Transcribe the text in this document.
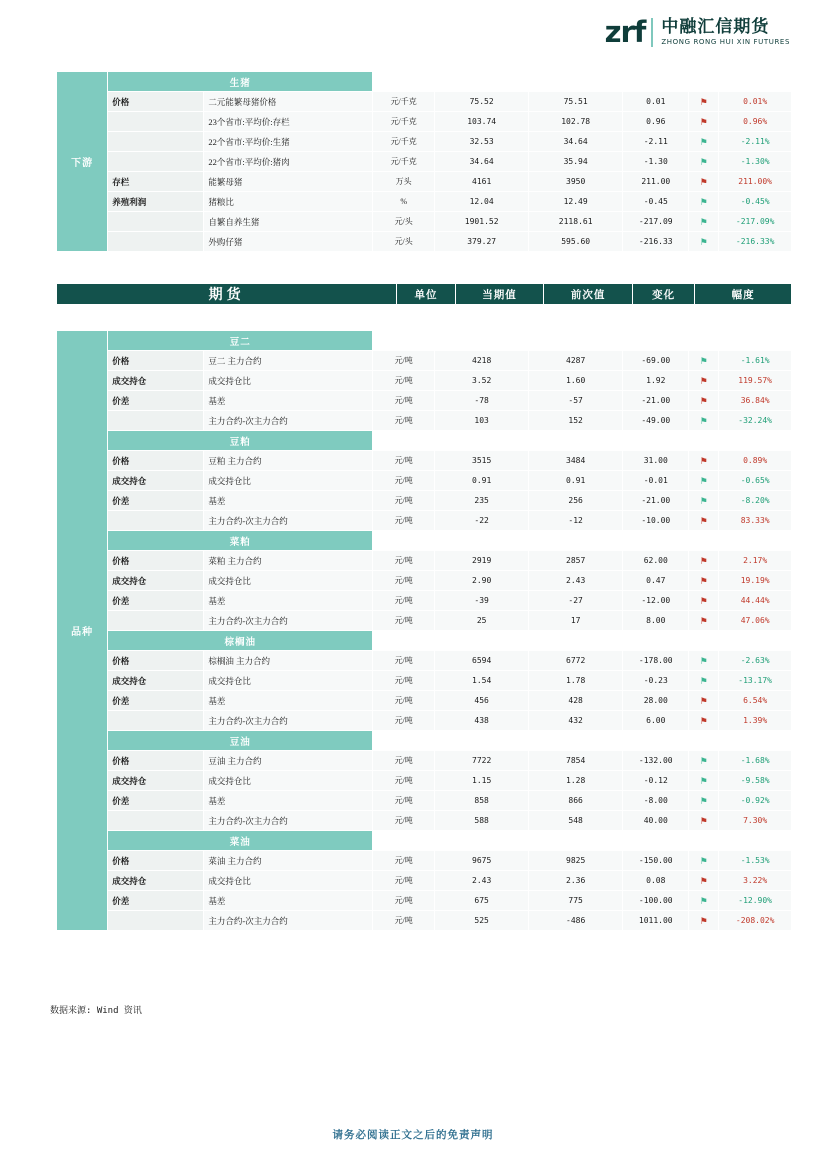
zrf 中融汇信期货
ZHONG RONG HUI XIN FUTURES
下游	生猪							
	价格	二元能繁母猪价格	元/千克	75.52	75.51	0.01	⚑	0.01%
		23个省市:平均价:存栏	元/千克	103.74	102.78	0.96	⚑	0.96%
		22个省市:平均价:生猪	元/千克	32.53	34.64	-2.11	⚑	-2.11%
		22个省市:平均价:猪肉	元/千克	34.64	35.94	-1.30	⚑	-1.30%
	存栏	能繁母猪	万头	4161	3950	211.00	⚑	211.00%
	养殖利润	猪粮比	%	12.04	12.49	-0.45	⚑	-0.45%
		自繁自养生猪	元/头	1901.52	2118.61	-217.09	⚑	-217.09%
		外购仔猪	元/头	379.27	595.60	-216.33	⚑	-216.33%
期货	单位	当期值	前次值	变化	幅度
品种	豆二							
	价格	豆二 主力合约	元/吨	4218	4287	-69.00	⚑	-1.61%
	成交持仓	成交持仓比	元/吨	3.52	1.60	1.92	⚑	119.57%
	价差	基差	元/吨	-78	-57	-21.00	⚑	36.84%
		主力合约-次主力合约	元/吨	103	152	-49.00	⚑	-32.24%
	豆粕							
	价格	豆粕 主力合约	元/吨	3515	3484	31.00	⚑	0.89%
	成交持仓	成交持仓比	元/吨	0.91	0.91	-0.01	⚑	-0.65%
	价差	基差	元/吨	235	256	-21.00	⚑	-8.20%
		主力合约-次主力合约	元/吨	-22	-12	-10.00	⚑	83.33%
	菜粕							
	价格	菜粕 主力合约	元/吨	2919	2857	62.00	⚑	2.17%
	成交持仓	成交持仓比	元/吨	2.90	2.43	0.47	⚑	19.19%
	价差	基差	元/吨	-39	-27	-12.00	⚑	44.44%
		主力合约-次主力合约	元/吨	25	17	8.00	⚑	47.06%
	棕榈油							
	价格	棕榈油 主力合约	元/吨	6594	6772	-178.00	⚑	-2.63%
	成交持仓	成交持仓比	元/吨	1.54	1.78	-0.23	⚑	-13.17%
	价差	基差	元/吨	456	428	28.00	⚑	6.54%
		主力合约-次主力合约	元/吨	438	432	6.00	⚑	1.39%
	豆油							
	价格	豆油 主力合约	元/吨	7722	7854	-132.00	⚑	-1.68%
	成交持仓	成交持仓比	元/吨	1.15	1.28	-0.12	⚑	-9.58%
	价差	基差	元/吨	858	866	-8.00	⚑	-0.92%
		主力合约-次主力合约	元/吨	588	548	40.00	⚑	7.30%
	菜油							
	价格	菜油 主力合约	元/吨	9675	9825	-150.00	⚑	-1.53%
	成交持仓	成交持仓比	元/吨	2.43	2.36	0.08	⚑	3.22%
	价差	基差	元/吨	675	775	-100.00	⚑	-12.90%
		主力合约-次主力合约	元/吨	525	-486	1011.00	⚑	-208.02%
数据来源: Wind 资讯
请务必阅读正文之后的免责声明
